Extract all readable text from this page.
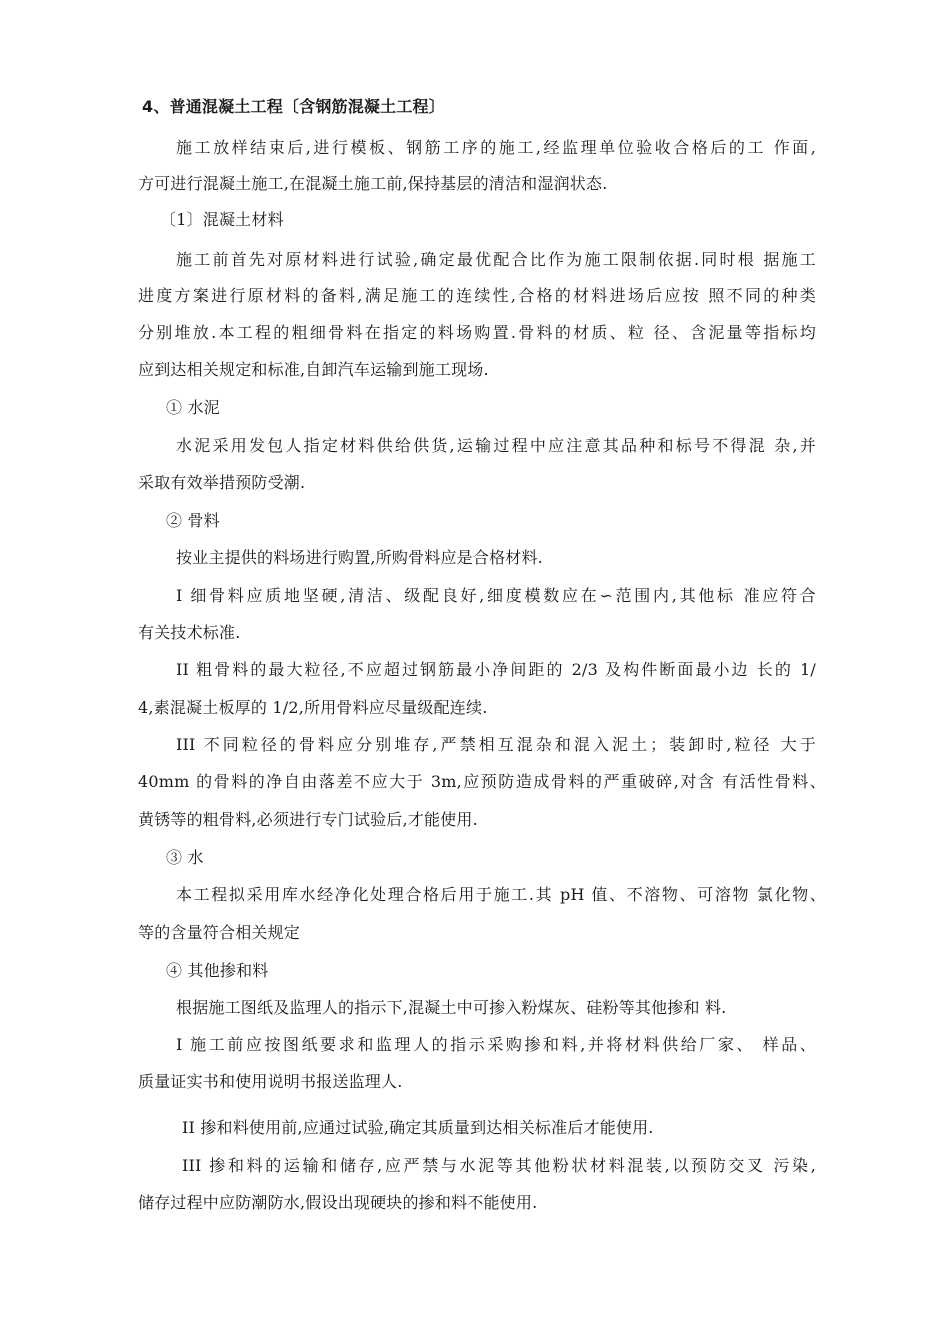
4、普通混凝土工程〔含钢筋混凝土工程〕
施工放样结束后,进行模板、钢筋工序的施工,经监理单位验收合格后的工 作面,
方可进行混凝土施工,在混凝土施工前,保持基层的清洁和湿润状态.
〔1〕混凝土材料
施工前首先对原材料进行试验,确定最优配合比作为施工限制依据.同时根 据施工
进度方案进行原材料的备料,满足施工的连续性,合格的材料进场后应按 照不同的种类
分别堆放.本工程的粗细骨料在指定的料场购置.骨料的材质、粒 径、含泥量等指标均
应到达相关规定和标准,自卸汽车运输到施工现场.
① 水泥
水泥采用发包人指定材料供给供货,运输过程中应注意其品种和标号不得混 杂,并
采取有效举措预防受潮.
② 骨料
按业主提供的料场进行购置,所购骨料应是合格材料.
I 细骨料应质地坚硬,清洁、级配良好,细度模数应在∽范围内,其他标 准应符合
有关技术标准.
II 粗骨料的最大粒径,不应超过钢筋最小净间距的 2/3 及构件断面最小边 长的 1/
4,素混凝土板厚的 1/2,所用骨料应尽量级配连续.
III 不同粒径的骨料应分别堆存,严禁相互混杂和混入泥土；装卸时,粒径 大于
40mm 的骨料的净自由落差不应大于 3m,应预防造成骨料的严重破碎,对含 有活性骨料、
黄锈等的粗骨料,必须进行专门试验后,才能使用.
③ 水
本工程拟采用库水经净化处理合格后用于施工.其 pH 值、不溶物、可溶物 氯化物、
等的含量符合相关规定
④ 其他掺和料
根据施工图纸及监理人的指示下,混凝土中可掺入粉煤灰、硅粉等其他掺和 料.
I 施工前应按图纸要求和监理人的指示采购掺和料,并将材料供给厂家、 样品、
质量证实书和使用说明书报送监理人.
II 掺和料使用前,应通过试验,确定其质量到达相关标准后才能使用.
III 掺和料的运输和储存,应严禁与水泥等其他粉状材料混装,以预防交叉 污染,
储存过程中应防潮防水,假设出现硬块的掺和料不能使用.
